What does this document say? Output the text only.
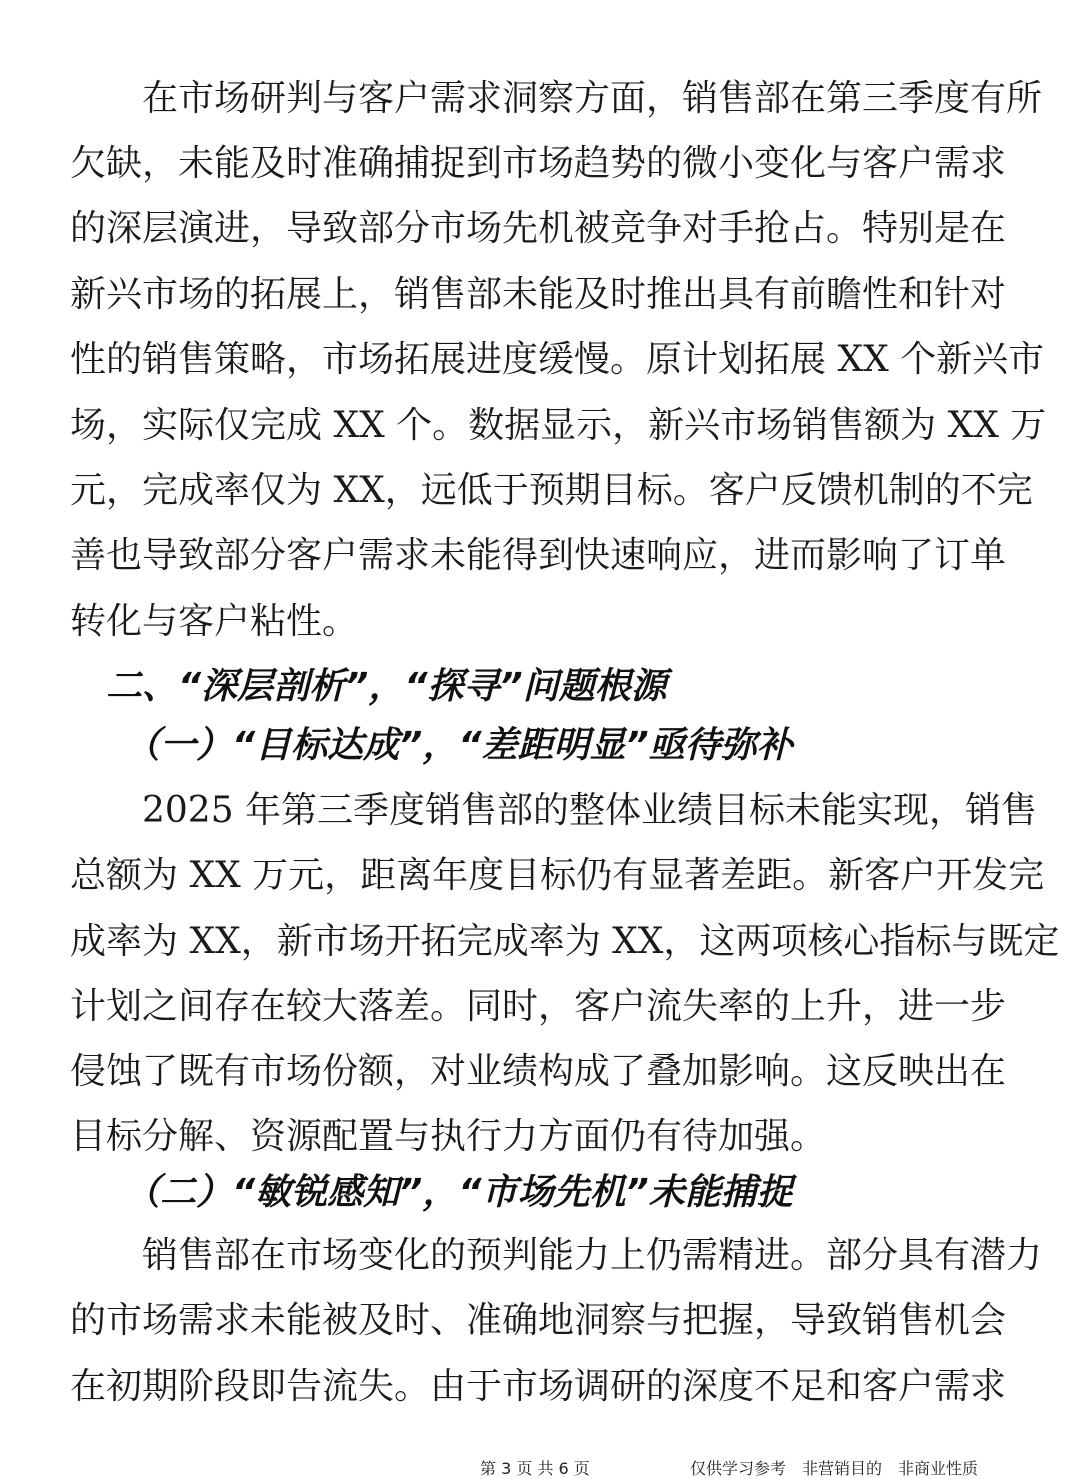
　　在市场研判与客户需求洞察方面，销售部在第三季度有所
欠缺，未能及时准确捕捉到市场趋势的微小变化与客户需求
的深层演进，导致部分市场先机被竞争对手抢占。特别是在
新兴市场的拓展上，销售部未能及时推出具有前瞻性和针对
性的销售策略，市场拓展进度缓慢。原计划拓展 XX 个新兴市
场，实际仅完成 XX 个。数据显示，新兴市场销售额为 XX 万
元，完成率仅为 XX，远低于预期目标。客户反馈机制的不完
善也导致部分客户需求未能得到快速响应，进而影响了订单
转化与客户粘性。
　二、“深层剖析”，“探寻”问题根源
　　（一）“目标达成”，“差距明显”亟待弥补
　　2025 年第三季度销售部的整体业绩目标未能实现，销售
总额为 XX 万元，距离年度目标仍有显著差距。新客户开发完
成率为 XX，新市场开拓完成率为 XX，这两项核心指标与既定
计划之间存在较大落差。同时，客户流失率的上升，进一步
侵蚀了既有市场份额，对业绩构成了叠加影响。这反映出在
目标分解、资源配置与执行力方面仍有待加强。
　　（二）“敏锐感知”，“市场先机”未能捕捉
　　销售部在市场变化的预判能力上仍需精进。部分具有潜力
的市场需求未能被及时、准确地洞察与把握，导致销售机会
在初期阶段即告流失。由于市场调研的深度不足和客户需求
第 3 页 共 6 页	仅供学习参考　非营销目的　非商业性质
